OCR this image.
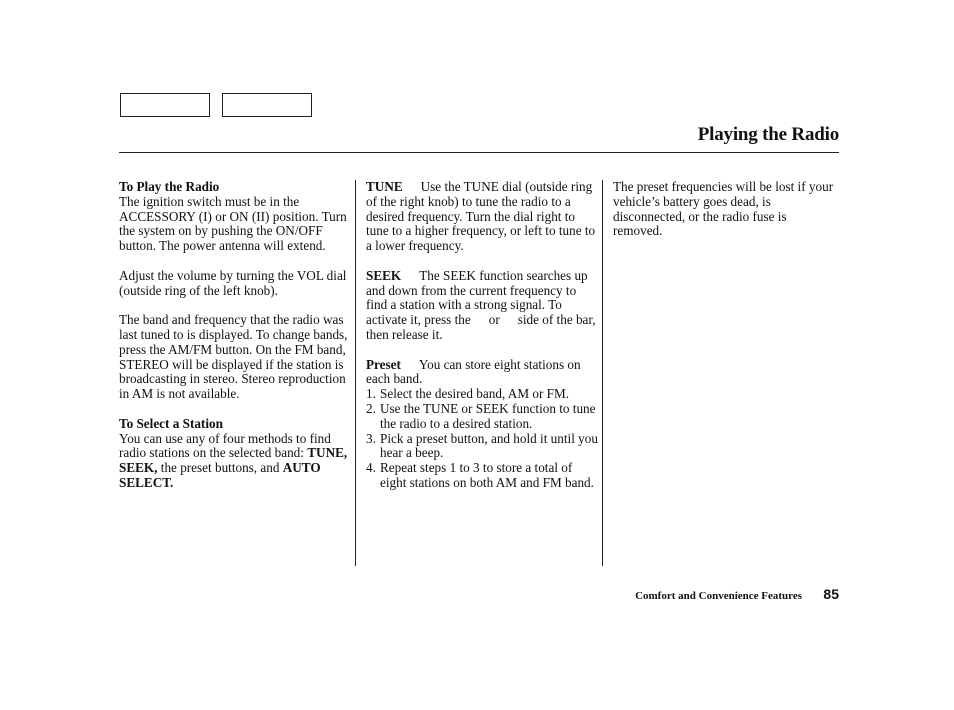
Playing the Radio

To Play the Radio

The ignition switch must be in the ACCESSORY (I) or ON (II) position. Turn the system on by pushing the ON/OFF button. The power antenna will extend.

Adjust the volume by turning the VOL dial (outside ring of the left knob).

The band and frequency that the radio was last tuned to is displayed. To change bands, press the AM/FM button. On the FM band, STEREO will be displayed if the station is broadcasting in stereo. Stereo reproduction in AM is not available.

To Select a Station

You can use any of four methods to find radio stations on the selected band: TUNE, SEEK, the preset buttons, and AUTO SELECT.

TUNE Use the TUNE dial (outside ring of the right knob) to tune the radio to a desired frequency. Turn the dial right to tune to a higher frequency, or left to tune to a lower frequency.

SEEK The SEEK function searches up and down from the current frequency to find a station with a strong signal. To activate it, press the or side of the bar, then release it.

Preset You can store eight stations on each band.

1. Select the desired band, AM or FM.
2. Use the TUNE or SEEK function to tune the radio to a desired station.
3. Pick a preset button, and hold it until you hear a beep.
4. Repeat steps 1 to 3 to store a total of eight stations on both AM and FM band.

The preset frequencies will be lost if your vehicle’s battery goes dead, is disconnected, or the radio fuse is removed.

Comfort and Convenience Features 85
